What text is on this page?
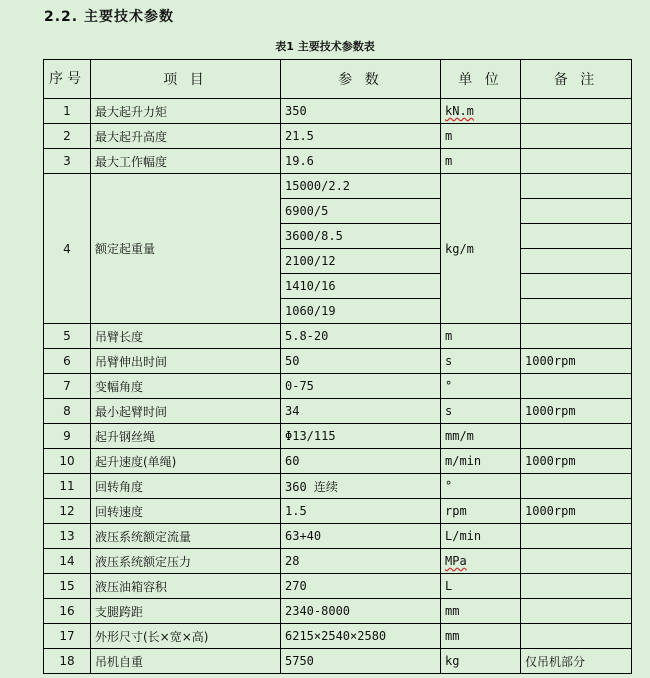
2.2. 主要技术参数
表1 主要技术参数表
序号	项 目	参 数	单 位	备 注
1	最大起升力矩	350	kN.m	
2	最大起升高度	21.5	m	
3	最大工作幅度	19.6	m	
4	额定起重量	15000/2.2	kg/m	
		6900/5		
		3600/8.5		
		2100/12		
		1410/16		
		1060/19		
5	吊臂长度	5.8-20	m	
6	吊臂伸出时间	50	s	1000rpm
7	变幅角度	0-75	°	
8	最小起臂时间	34	s	1000rpm
9	起升钢丝绳	Φ13/115	mm/m	
10	起升速度(单绳)	60	m/min	1000rpm
11	回转角度	360 连续	°	
12	回转速度	1.5	rpm	1000rpm
13	液压系统额定流量	63+40	L/min	
14	液压系统额定压力	28	MPa	
15	液压油箱容积	270	L	
16	支腿跨距	2340-8000	mm	
17	外形尺寸(长×宽×高)	6215×2540×2580	mm	
18	吊机自重	5750	kg	仅吊机部分
